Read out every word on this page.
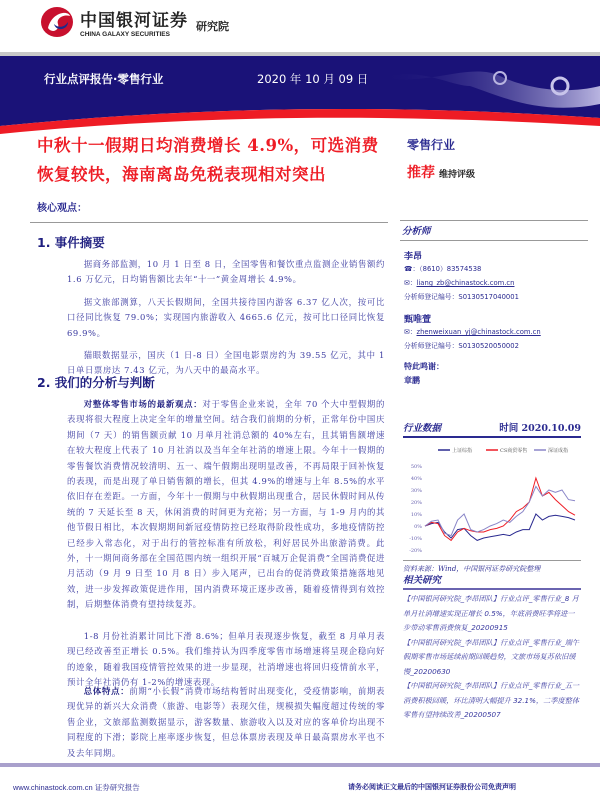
中国银河证券
CHINA GALAXY SECURITIES
研究院
行业点评报告·零售行业	2020 年 10 月 09 日
中秋十一假期日均消费增长 4.9%，可选消费恢复较快，海南离岛免税表现相对突出
零售行业
推荐 维持评级
核心观点：
1. 事件摘要
据商务部监测，10 月 1 日至 8 日，全国零售和餐饮重点监测企业销售额约 1.6 万亿元，日均销售额比去年“十一”黄金周增长 4.9%。
据文旅部测算，八天长假期间，全国共接待国内游客 6.37 亿人次，按可比口径同比恢复 79.0%；实现国内旅游收入 4665.6 亿元，按可比口径同比恢复 69.9%。
猫眼数据显示，国庆（1 日-8 日）全国电影票房约为 39.55 亿元，其中 1 日单日票房达 7.43 亿元，为八天中的最高水平。
2. 我们的分析与判断
对整体零售市场的最新观点：对于零售企业来说，全年 70 个大中型假期的表现将很大程度上决定全年的增量空间。结合我们前期的分析，正常年份中国庆期间（7 天）的销售额贡献 10 月单月社消总额的 40%左右，且其销售额增速在较大程度上代表了 10 月社消以及当年全年社消的增速上限。今年十一假期的零售餐饮消费情况较清明、五一、端午假期出现明显改善，不再局限于回补恢复的表现，而是出现了单日销售额的增长，但其 4.9%的增速与上年 8.5%的水平依旧存在差距。一方面，今年十一假期与中秋假期出现重合，居民休假时间从传统的 7 天延长至 8 天，休闲消费的时间更为充裕；另一方面，与 1-9 月内的其他节假日相比，本次假期期间新冠疫情防控已经取得阶段性成功，多地疫情防控已经步入常态化，对于出行的管控标准有所放松，利好居民外出旅游消费。此外，十一期间商务部在全国范围内统一组织开展“百城万企促消费”全国消费促进月活动（9 月 9 日至 10 月 8 日）步入尾声，已出台的促消费政策措施落地见效，进一步发挥政策促进作用，国内消费环境正逐步改善，随着疫情得到有效控制，后期整体消费有望持续复苏。
1-8 月份社消累计同比下滑 8.6%；但单月表现逐步恢复，截至 8 月单月表现已经改善至正增长 0.5%。我们维持认为四季度零售市场增速将呈现企稳向好的迹象，随着我国疫情管控效果的进一步显现，社消增速也将回归疫情前水平，预计全年社消仍有 1-2%的增速表现。
总体特点：前期“小长假”消费市场结构暂时出现变化，受疫情影响，前期表现优异的新兴大众消费（旅游、电影等）表现欠佳，规模损失幅度超过传统的零售企业，文旅部监测数据显示，游客数量、旅游收入以及对应的客单价均出现不同程度的下滑；影院上座率逐步恢复，但总体票房表现及单日最高票房水平也不及去年同期。
分析师
李昂
☎：（8610）83574538
✉：liang_zb@chinastock.com.cn
分析师登记编号：S0130517040001
甄唯萱
✉：zhenweixuan_yj@chinastock.com.cn
分析师登记编号：S0130520050002
特此鸣谢：
章鹏
行业数据	时间 2020.10.09
50%
40%
30%
20%
10%
0%
-10%
-20%
上证综指	CS商贸零售	深证成指
资料来源：Wind，中国银河证券研究院整理
相关研究
【中国银河研究院_李昂团队】行业点评_零售行业_8 月单月社消增速实现正增长 0.5%，年底消费旺季将进一步带动零售消费恢复_20200915
【中国银河研究院_李昂团队】行业点评_零售行业_端午假期零售市场延续前期回暖趋势，文旅市场复苏依旧缓慢_20200630
【中国银河研究院_李昂团队】行业点评_零售行业_五一消费积极回暖，环比清明大幅提升 32.1%，二季度整体零售有望持续改善_20200507
www.chinastock.com.cn 证券研究报告	请务必阅读正文最后的中国银河证券股份公司免责声明
